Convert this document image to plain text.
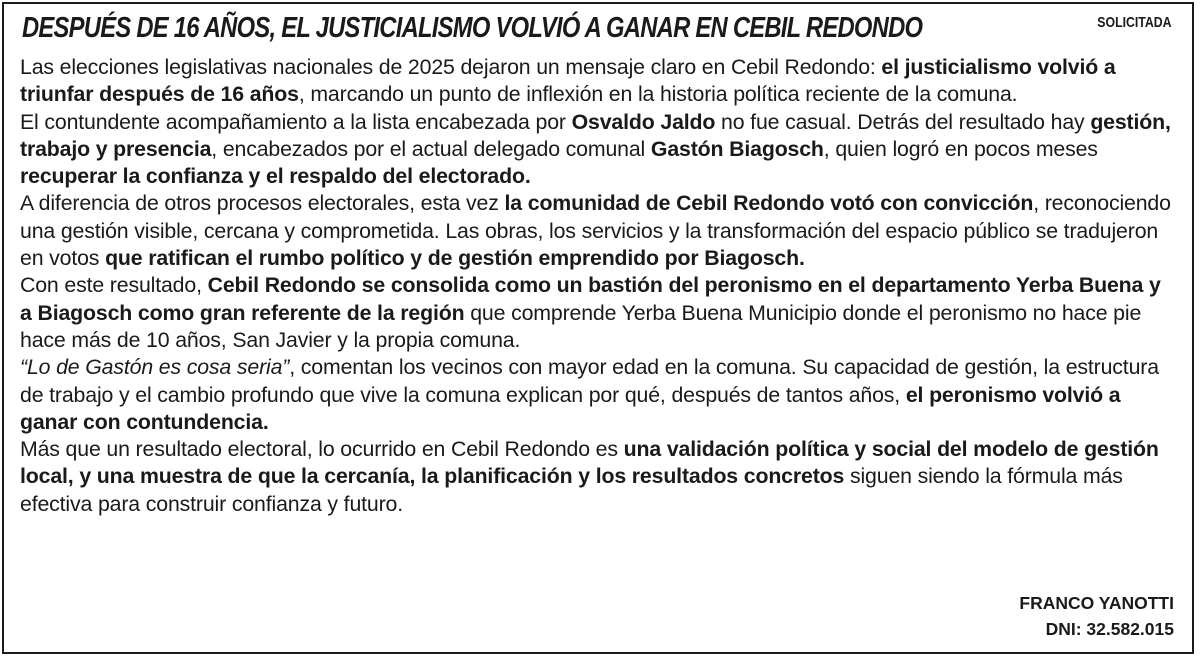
DESPUÉS DE 16 AÑOS, EL JUSTICIALISMO VOLVIÓ A GANAR EN CEBIL REDONDO	SOLICITADA

Las elecciones legislativas nacionales de 2025 dejaron un mensaje claro en Cebil Redondo: el justicialismo volvió a triunfar después de 16 años, marcando un punto de inflexión en la historia política reciente de la comuna.

El contundente acompañamiento a la lista encabezada por Osvaldo Jaldo no fue casual. Detrás del resultado hay gestión, trabajo y presencia, encabezados por el actual delegado comunal Gastón Biagosch, quien logró en pocos meses recuperar la confianza y el respaldo del electorado.

A diferencia de otros procesos electorales, esta vez la comunidad de Cebil Redondo votó con convicción, reconociendo una gestión visible, cercana y comprometida. Las obras, los servicios y la transformación del espacio público se tradujeron en votos que ratifican el rumbo político y de gestión emprendido por Biagosch.

Con este resultado, Cebil Redondo se consolida como un bastión del peronismo en el departamento Yerba Buena y a Biagosch como gran referente de la región que comprende Yerba Buena Municipio donde el peronismo no hace pie hace más de 10 años, San Javier y la propia comuna.

“Lo de Gastón es cosa seria”, comentan los vecinos con mayor edad en la comuna. Su capacidad de gestión, la estructura de trabajo y el cambio profundo que vive la comuna explican por qué, después de tantos años, el peronismo volvió a ganar con contundencia.

Más que un resultado electoral, lo ocurrido en Cebil Redondo es una validación política y social del modelo de gestión local, y una muestra de que la cercanía, la planificación y los resultados concretos siguen siendo la fórmula más efectiva para construir confianza y futuro.

FRANCO YANOTTI
DNI: 32.582.015
